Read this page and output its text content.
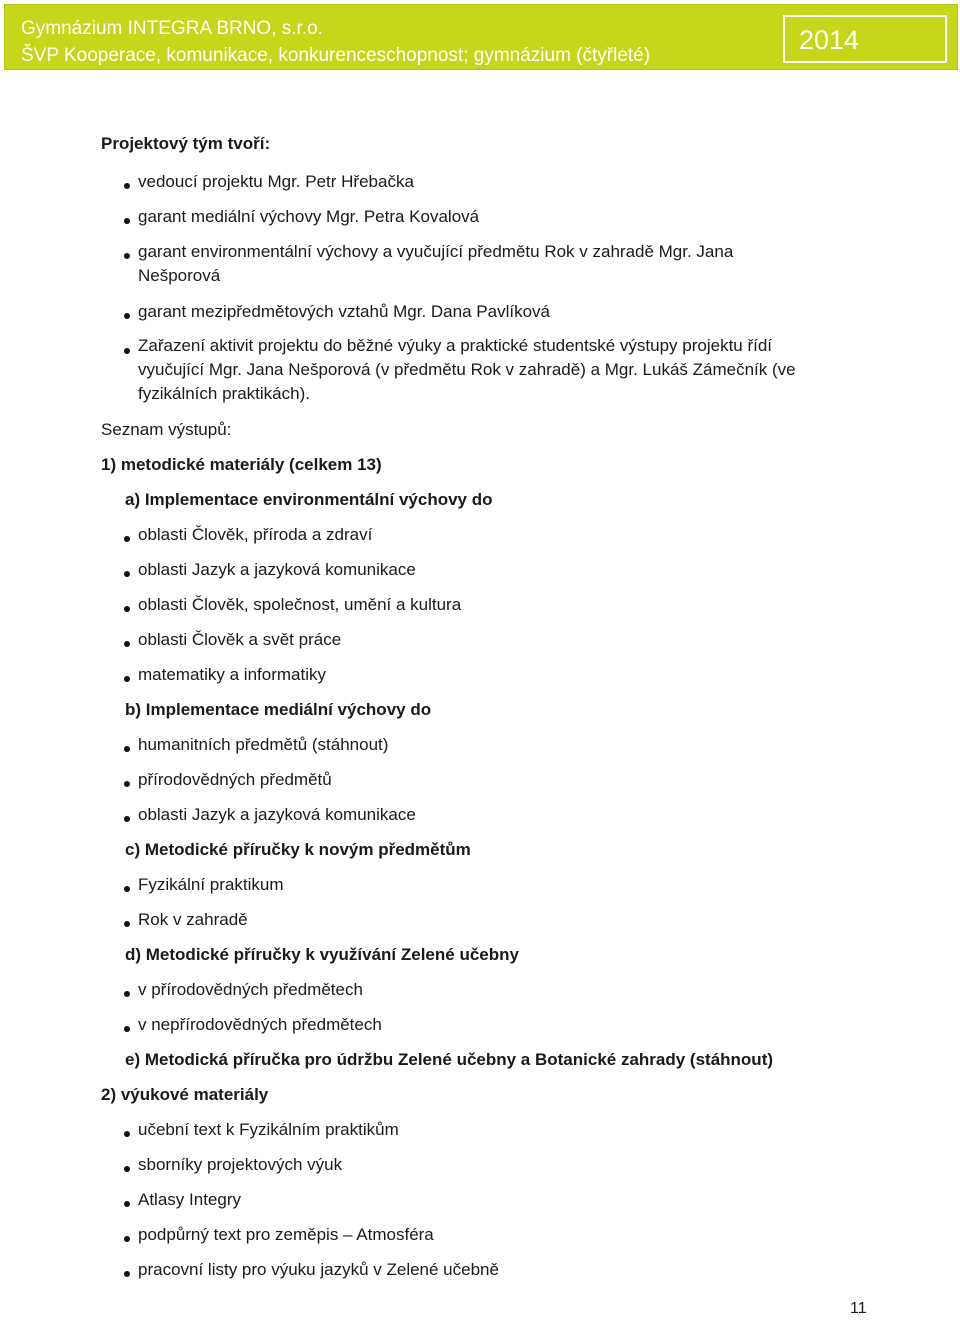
Gymnázium INTEGRA BRNO, s.r.o.
ŠVP Kooperace, komunikace, konkurenceschopnost; gymnázium (čtyřleté)
2014
Projektový tým tvoří:
vedoucí projektu Mgr. Petr Hřebačka
garant mediální výchovy Mgr. Petra Kovalová
garant environmentální výchovy a vyučující předmětu Rok v zahradě Mgr. Jana
Nešporová
garant mezipředmětových vztahů Mgr. Dana Pavlíková
Zařazení aktivit projektu do běžné výuky a praktické studentské výstupy projektu řídí
vyučující Mgr. Jana Nešporová (v předmětu Rok v zahradě) a Mgr. Lukáš Zámečník (ve
fyzikálních praktikách).
Seznam výstupů:
1) metodické materiály (celkem 13)
a) Implementace environmentální výchovy do
oblasti Člověk, příroda a zdraví
oblasti Jazyk a jazyková komunikace
oblasti Člověk, společnost, umění a kultura
oblasti Člověk a svět práce
matematiky a informatiky
b) Implementace mediální výchovy do
humanitních předmětů (stáhnout)
přírodovědných předmětů
oblasti Jazyk a jazyková komunikace
c) Metodické příručky k novým předmětům
Fyzikální praktikum
Rok v zahradě
d) Metodické příručky k využívání Zelené učebny
v přírodovědných předmětech
v nepřírodovědných předmětech
e) Metodická příručka pro údržbu Zelené učebny a Botanické zahrady (stáhnout)
2) výukové materiály
učební text k Fyzikálním praktikům
sborníky projektových výuk
Atlasy Integry
podpůrný text pro zeměpis – Atmosféra
pracovní listy pro výuku jazyků v Zelené učebně
11
